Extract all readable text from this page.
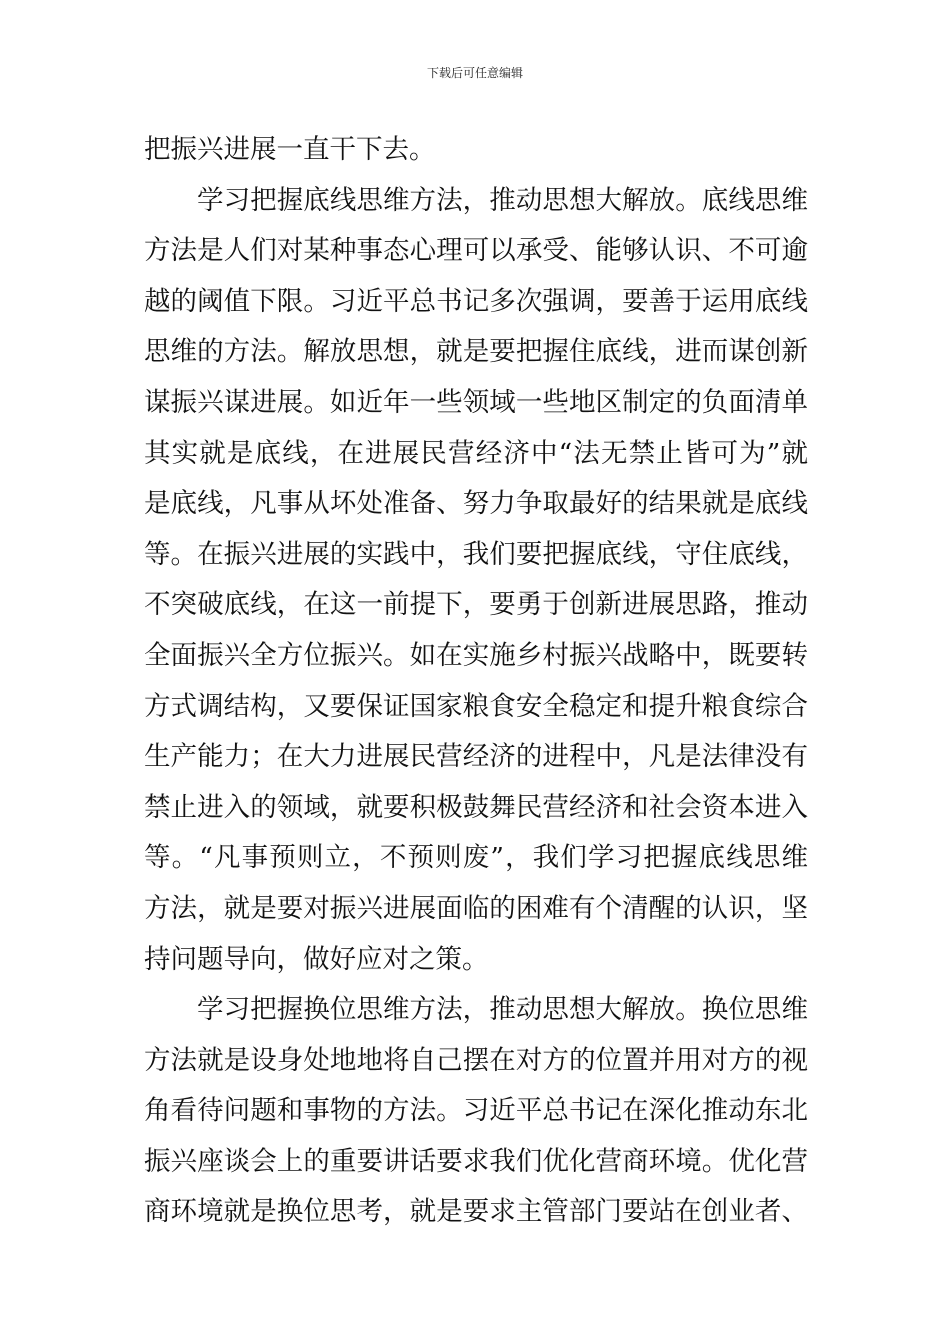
下载后可任意编辑
把振兴进展一直干下去。
学习把握底线思维方法，推动思想大解放。底线思维
方法是人们对某种事态心理可以承受、能够认识、不可逾
越的阈值下限。习近平总书记多次强调，要善于运用底线
思维的方法。解放思想，就是要把握住底线，进而谋创新
谋振兴谋进展。如近年一些领域一些地区制定的负面清单
其实就是底线，在进展民营经济中“法无禁止皆可为”就
是底线，凡事从坏处准备、努力争取最好的结果就是底线
等。在振兴进展的实践中，我们要把握底线，守住底线，
不突破底线，在这一前提下，要勇于创新进展思路，推动
全面振兴全方位振兴。如在实施乡村振兴战略中，既要转
方式调结构，又要保证国家粮食安全稳定和提升粮食综合
生产能力；在大力进展民营经济的进程中，凡是法律没有
禁止进入的领域，就要积极鼓舞民营经济和社会资本进入
等。“凡事预则立，不预则废”，我们学习把握底线思维
方法，就是要对振兴进展面临的困难有个清醒的认识，坚
持问题导向，做好应对之策。
学习把握换位思维方法，推动思想大解放。换位思维
方法就是设身处地地将自己摆在对方的位置并用对方的视
角看待问题和事物的方法。习近平总书记在深化推动东北
振兴座谈会上的重要讲话要求我们优化营商环境。优化营
商环境就是换位思考，就是要求主管部门要站在创业者、
